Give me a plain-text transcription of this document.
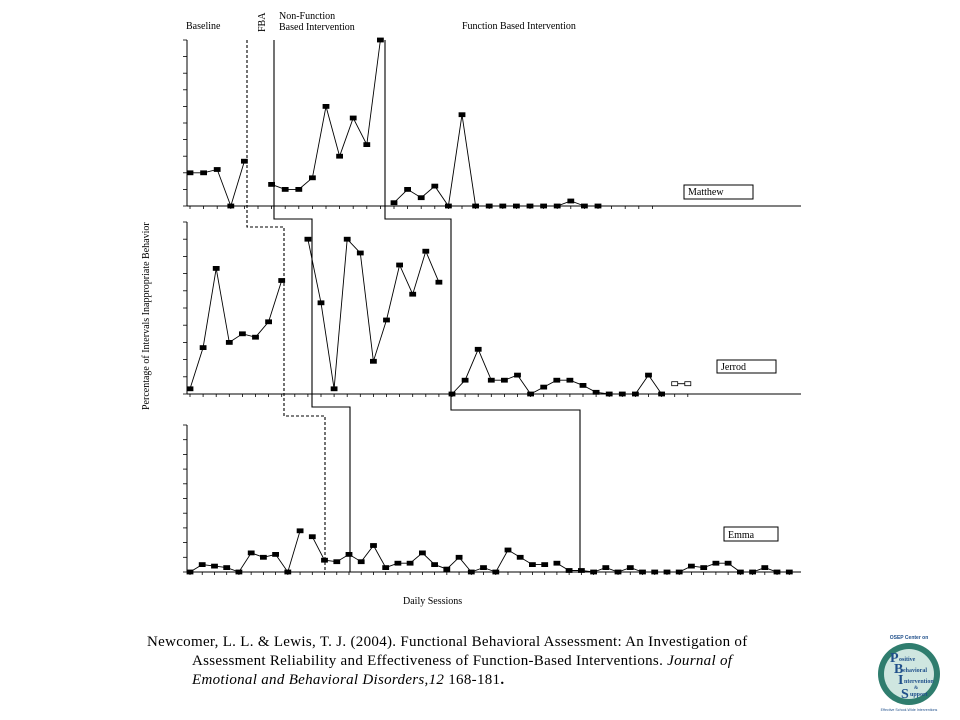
Baseline	FBA Non-Function
Based Intervention	Function Based Intervention
Percentage of Intervals Inappropriate Behavior
Daily Sessions
Matthew
Jerrod
Emma
Newcomer, L. L. & Lewis, T. J. (2004). Functional Behavioral Assessment: An Investigation of
Assessment Reliability and Effectiveness of Function-Based Interventions. Journal of
Emotional and Behavioral Disorders,12 168-181.
OSEP Center on
P ositive
B ehavioral
I ntervention
&
S upport
Effective School-Wide Interventions
